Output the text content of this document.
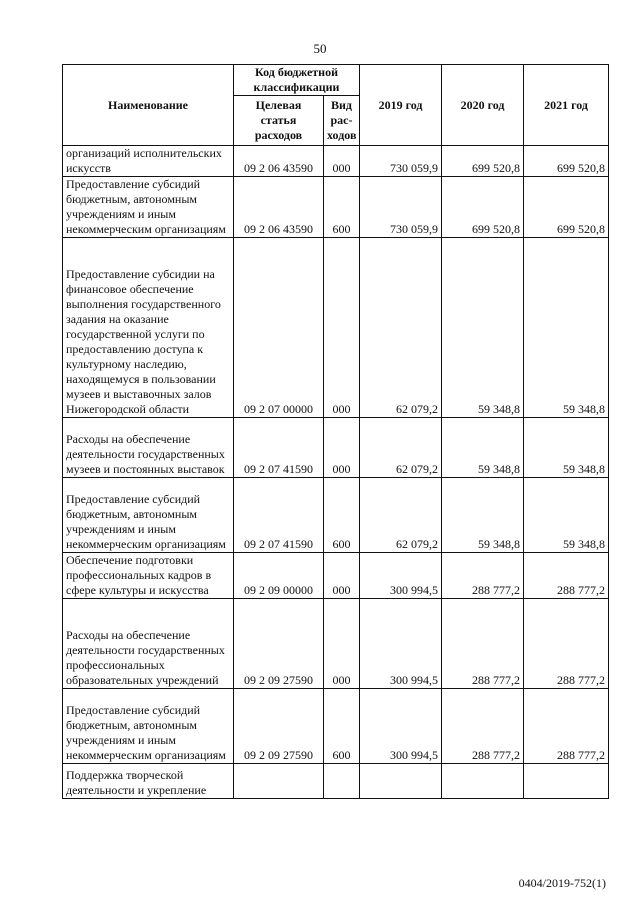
50
Наименование	Код бюджетной классификации		2019 год	2020 год	2021 год
	Целевая статья расходов	Вид рас-ходов			
организаций исполнительских искусств	09 2 06 43590	000	730 059,9	699 520,8	699 520,8
Предоставление субсидий бюджетным, автономным учреждениям и иным некоммерческим организациям	09 2 06 43590	600	730 059,9	699 520,8	699 520,8
Предоставление субсидии на финансовое обеспечение выполнения государственного задания на оказание государственной услуги по предоставлению доступа к культурному наследию, находящемуся в пользовании музеев и выставочных залов Нижегородской области	09 2 07 00000	000	62 079,2	59 348,8	59 348,8
Расходы на обеспечение деятельности государственных музеев и постоянных выставок	09 2 07 41590	000	62 079,2	59 348,8	59 348,8
Предоставление субсидий бюджетным, автономным учреждениям и иным некоммерческим организациям	09 2 07 41590	600	62 079,2	59 348,8	59 348,8
Обеспечение подготовки профессиональных кадров в сфере культуры и искусства	09 2 09 00000	000	300 994,5	288 777,2	288 777,2
Расходы на обеспечение деятельности государственных профессиональных образовательных учреждений	09 2 09 27590	000	300 994,5	288 777,2	288 777,2
Предоставление субсидий бюджетным, автономным учреждениям и иным некоммерческим организациям	09 2 09 27590	600	300 994,5	288 777,2	288 777,2
Поддержка творческой деятельности и укрепление					
0404/2019-752(1)
